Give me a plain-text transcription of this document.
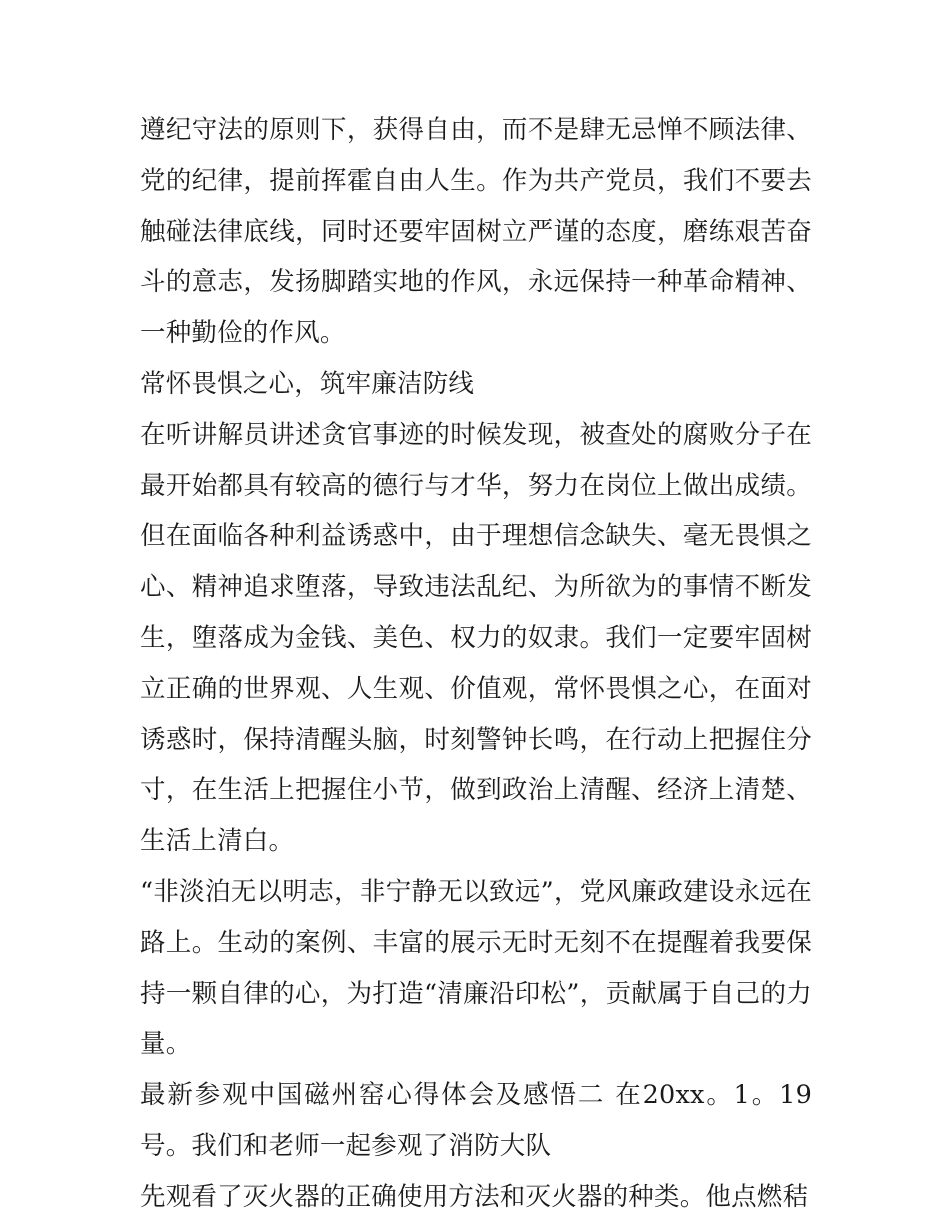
遵纪守法的原则下，获得自由，而不是肆无忌惮不顾法律、党的纪律，提前挥霍自由人生。作为共产党员，我们不要去触碰法律底线，同时还要牢固树立严谨的态度，磨练艰苦奋斗的意志，发扬脚踏实地的作风，永远保持一种革命精神、一种勤俭的作风。

常怀畏惧之心，筑牢廉洁防线

在听讲解员讲述贪官事迹的时候发现，被查处的腐败分子在最开始都具有较高的德行与才华，努力在岗位上做出成绩。但在面临各种利益诱惑中，由于理想信念缺失、毫无畏惧之心、精神追求堕落，导致违法乱纪、为所欲为的事情不断发生，堕落成为金钱、美色、权力的奴隶。我们一定要牢固树立正确的世界观、人生观、价值观，常怀畏惧之心，在面对诱惑时，保持清醒头脑，时刻警钟长鸣，在行动上把握住分寸，在生活上把握住小节，做到政治上清醒、经济上清楚、生活上清白。

“非淡泊无以明志，非宁静无以致远”，党风廉政建设永远在路上。生动的案例、丰富的展示无时无刻不在提醒着我要保持一颗自律的心，为打造“清廉沿印松”，贡献属于自己的力量。

最新参观中国磁州窑心得体会及感悟二 在20xx。1。19号。我们和老师一起参观了消防大队

先观看了灭火器的正确使用方法和灭火器的种类。他点燃秸
